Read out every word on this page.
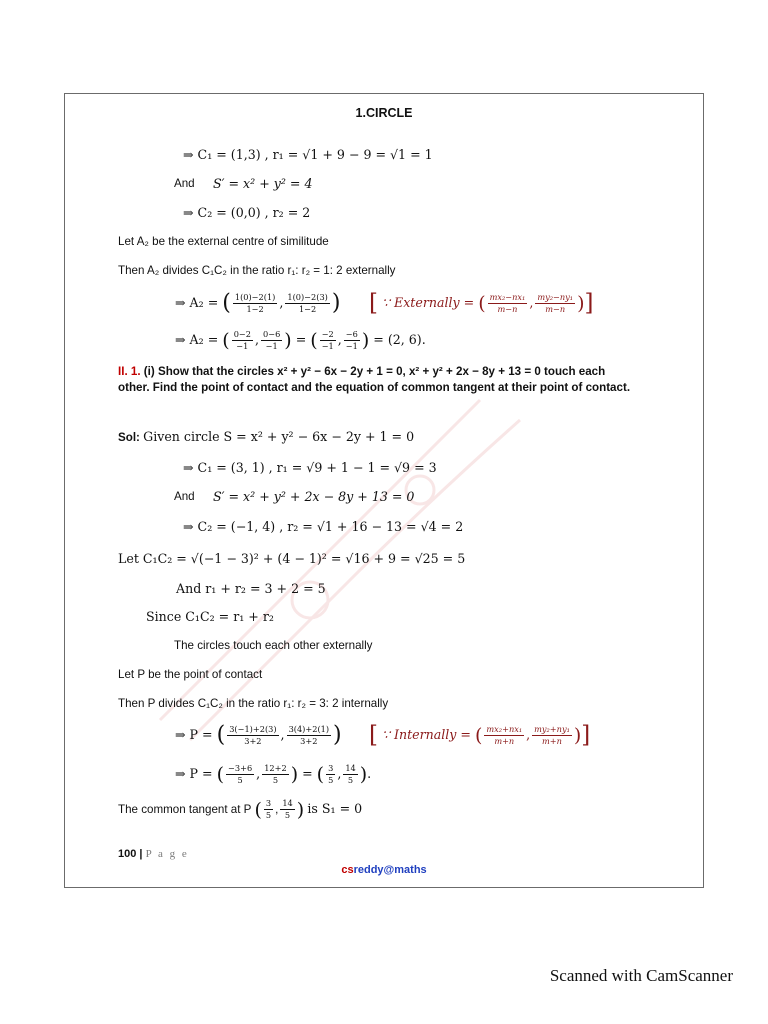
1.CIRCLE
⇒ C₁ = (1,3) , r₁ = √1 + 9 − 9 = √1 = 1
And S′ = x² + y² = 4
⇒ C₂ = (0,0) , r₂ = 2
Let A₂ be the external centre of similitude
Then A₂ divides C₁C₂ in the ratio r₁: r₂ = 1: 2 externally
⇒ A₂ = ( $\frac{1(0)-2(1)}{1-2}$ , $\frac{1(0)-2(3)}{1-2}$ ) [ ∵ Externally = ( $\frac{\text{mx₂−nx₁}}{m-n}$ , $\frac{\text{my₂−ny₁}}{m-n}$ )]
⇒ A₂ = ( $\frac{0-2}{-1}$ , $\frac{0-6}{-1}$ ) = ( $\frac{-2}{-1}$ , $\frac{-6}{-1}$ ) = (2, 6).
II. 1. (i) Show that the circles x² + y² − 6x − 2y + 1 = 0, x² + y² + 2x − 8y + 13 = 0 touch each other. Find the point of contact and the equation of common tangent at their point of contact.
Sol: Given circle S = x² + y² − 6x − 2y + 1 = 0
⇒ C₁ = (3, 1) , r₁ = √9 + 1 − 1 = √9 = 3
And S′ = x² + y² + 2x − 8y + 13 = 0
⇒ C₂ = (−1, 4) , r₂ = √1 + 16 − 13 = √4 = 2
Let C₁C₂ = √(−1 − 3)² + (4 − 1)² = √16 + 9 = √25 = 5
And r₁ + r₂ = 3 + 2 = 5
Since C₁C₂ = r₁ + r₂
The circles touch each other externally
Let P be the point of contact
Then P divides C₁C₂ in the ratio r₁: r₂ = 3: 2 internally
⇒ P = ( $\frac{3(-1)+2(3)}{3+2}$ , $\frac{3(4)+2(1)}{3+2}$ ) [ ∵ Internally = ( $\frac{\text{mx₂+nx₁}}{m+n}$ , $\frac{\text{my₂+ny₁}}{m+n}$ )]
⇒ P = ( $\frac{-3+6}{5}$ , $\frac{12+2}{5}$ ) = ( $\frac{3}{5}$ , $\frac{14}{5}$ ).
The common tangent at P ( $\frac{3}{5}$ , $\frac{14}{5}$ ) is S₁ = 0
100 | P a g e
csreddy@maths
Scanned with CamScanner
